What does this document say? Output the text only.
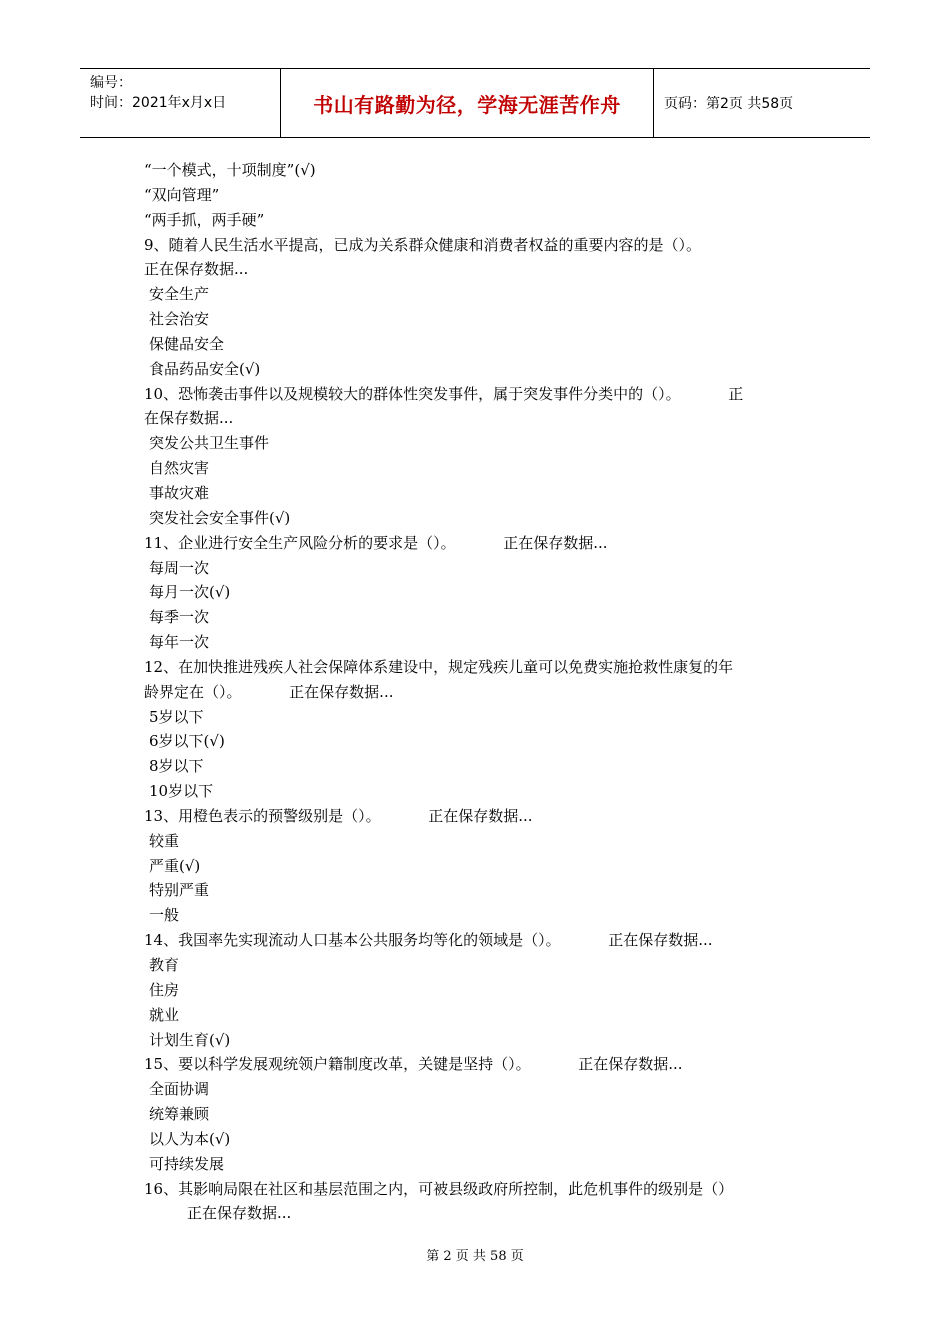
编号：
时间：2021年x月x日	书山有路勤为径，学海无涯苦作舟	页码：第2页 共58页
“一个模式，十项制度”(√)
“双向管理”
“两手抓，两手硬”
9、随着人民生活水平提高，已成为关系群众健康和消费者权益的重要内容的是（）。
正在保存数据...
安全生产
社会治安
保健品安全
食品药品安全(√)
10、恐怖袭击事件以及规模较大的群体性突发事件，属于突发事件分类中的（）。          正
在保存数据...
突发公共卫生事件
自然灾害
事故灾难
突发社会安全事件(√)
11、企业进行安全生产风险分析的要求是（）。          正在保存数据...
每周一次
每月一次(√)
每季一次
每年一次
12、在加快推进残疾人社会保障体系建设中，规定残疾儿童可以免费实施抢救性康复的年
龄界定在（）。          正在保存数据...
5岁以下
6岁以下(√)
8岁以下
10岁以下
13、用橙色表示的预警级别是（）。          正在保存数据...
较重
严重(√)
特别严重
一般
14、我国率先实现流动人口基本公共服务均等化的领域是（）。          正在保存数据...
教育
住房
就业
计划生育(√)
15、要以科学发展观统领户籍制度改革，关键是坚持（）。          正在保存数据...
全面协调
统筹兼顾
以人为本(√)
可持续发展
16、其影响局限在社区和基层范围之内，可被县级政府所控制，此危机事件的级别是（）
正在保存数据...
第 2 页 共 58 页
